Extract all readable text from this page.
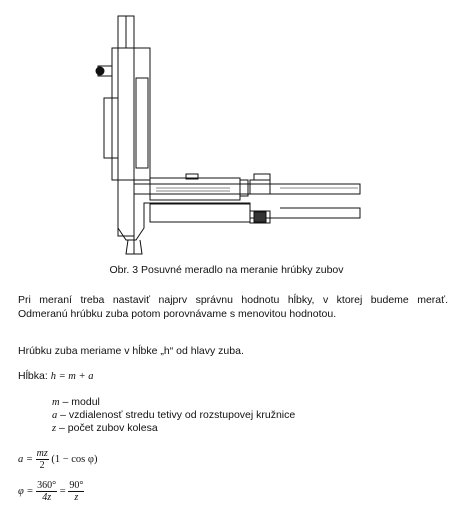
Obr. 3 Posuvné meradlo na meranie hrúbky zubov

Pri meraní treba nastaviť najprv správnu hodnotu hĺbky, v ktorej budeme merať.

Odmeranú hrúbku zuba potom porovnávame s menovitou hodnotou.

Hrúbku zuba meriame v hĺbke „h“ od hlavy zuba.
Hĺbka: h = m + a
m – modul
a – vzdialenosť stredu tetivy od rozstupovej kružnice
z – počet zubov kolesa
$a = \frac{mz}{2} (1 - \cos \varphi)$
$\varphi = \frac{360^\circ}{4z} = \frac{90^\circ}{z}$
